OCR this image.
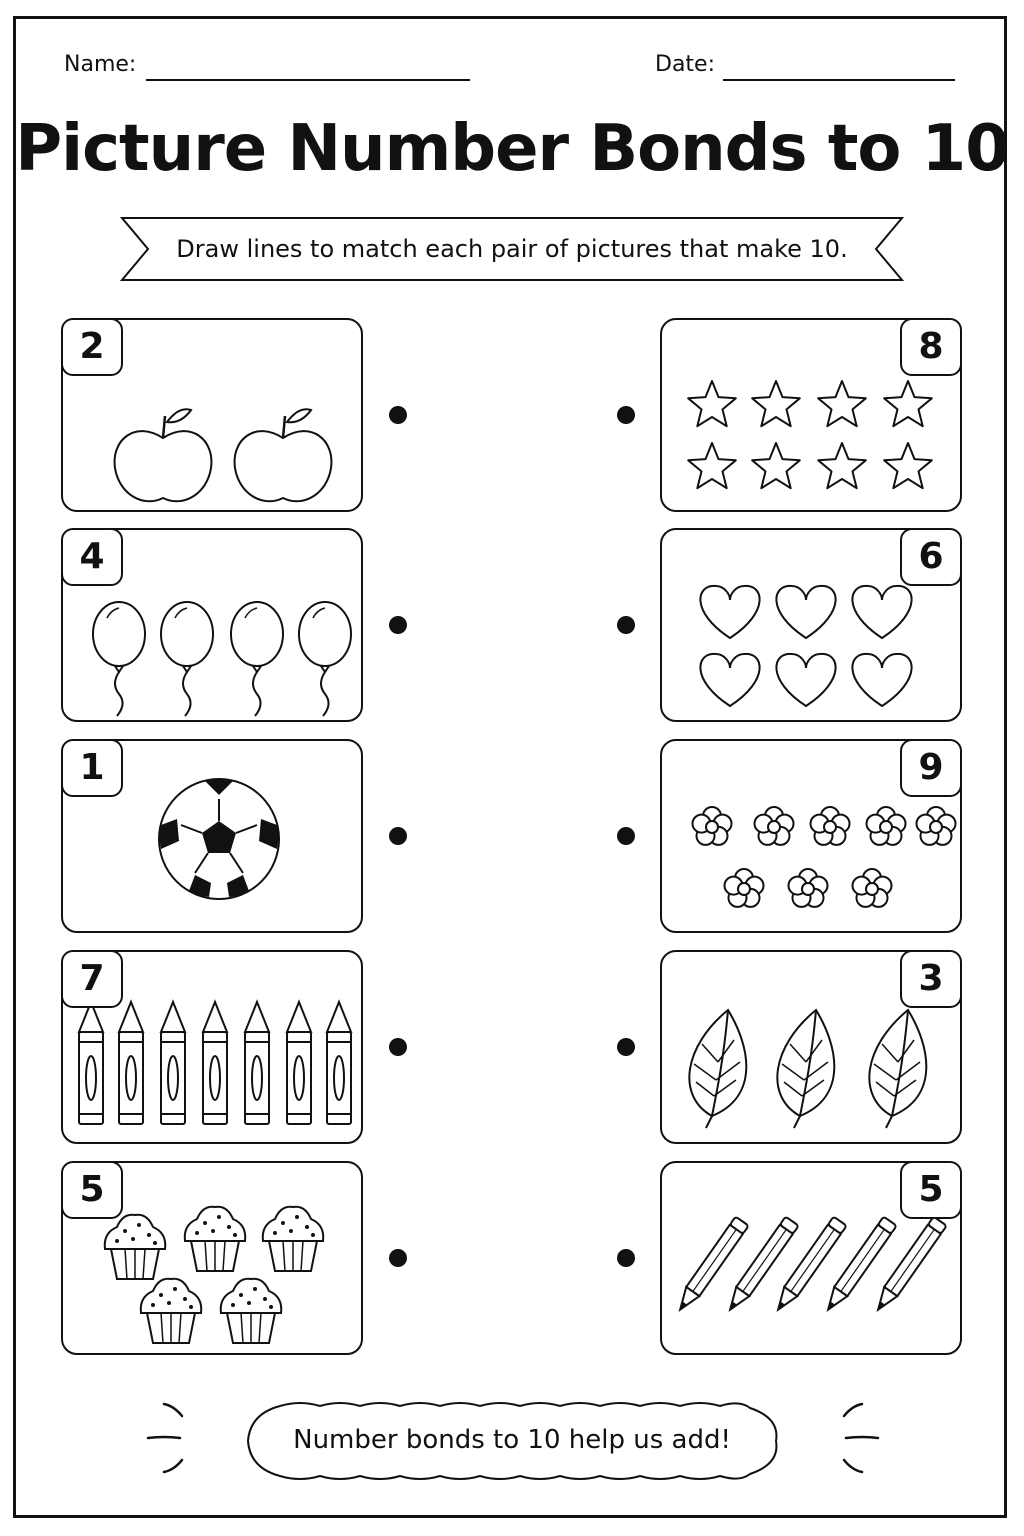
Name:	Date:
Picture Number Bonds to 10
Draw lines to match each pair of pictures that make 10.
2
4
1
7
5
8
6
9
3
5
Number bonds to 10 help us add!
